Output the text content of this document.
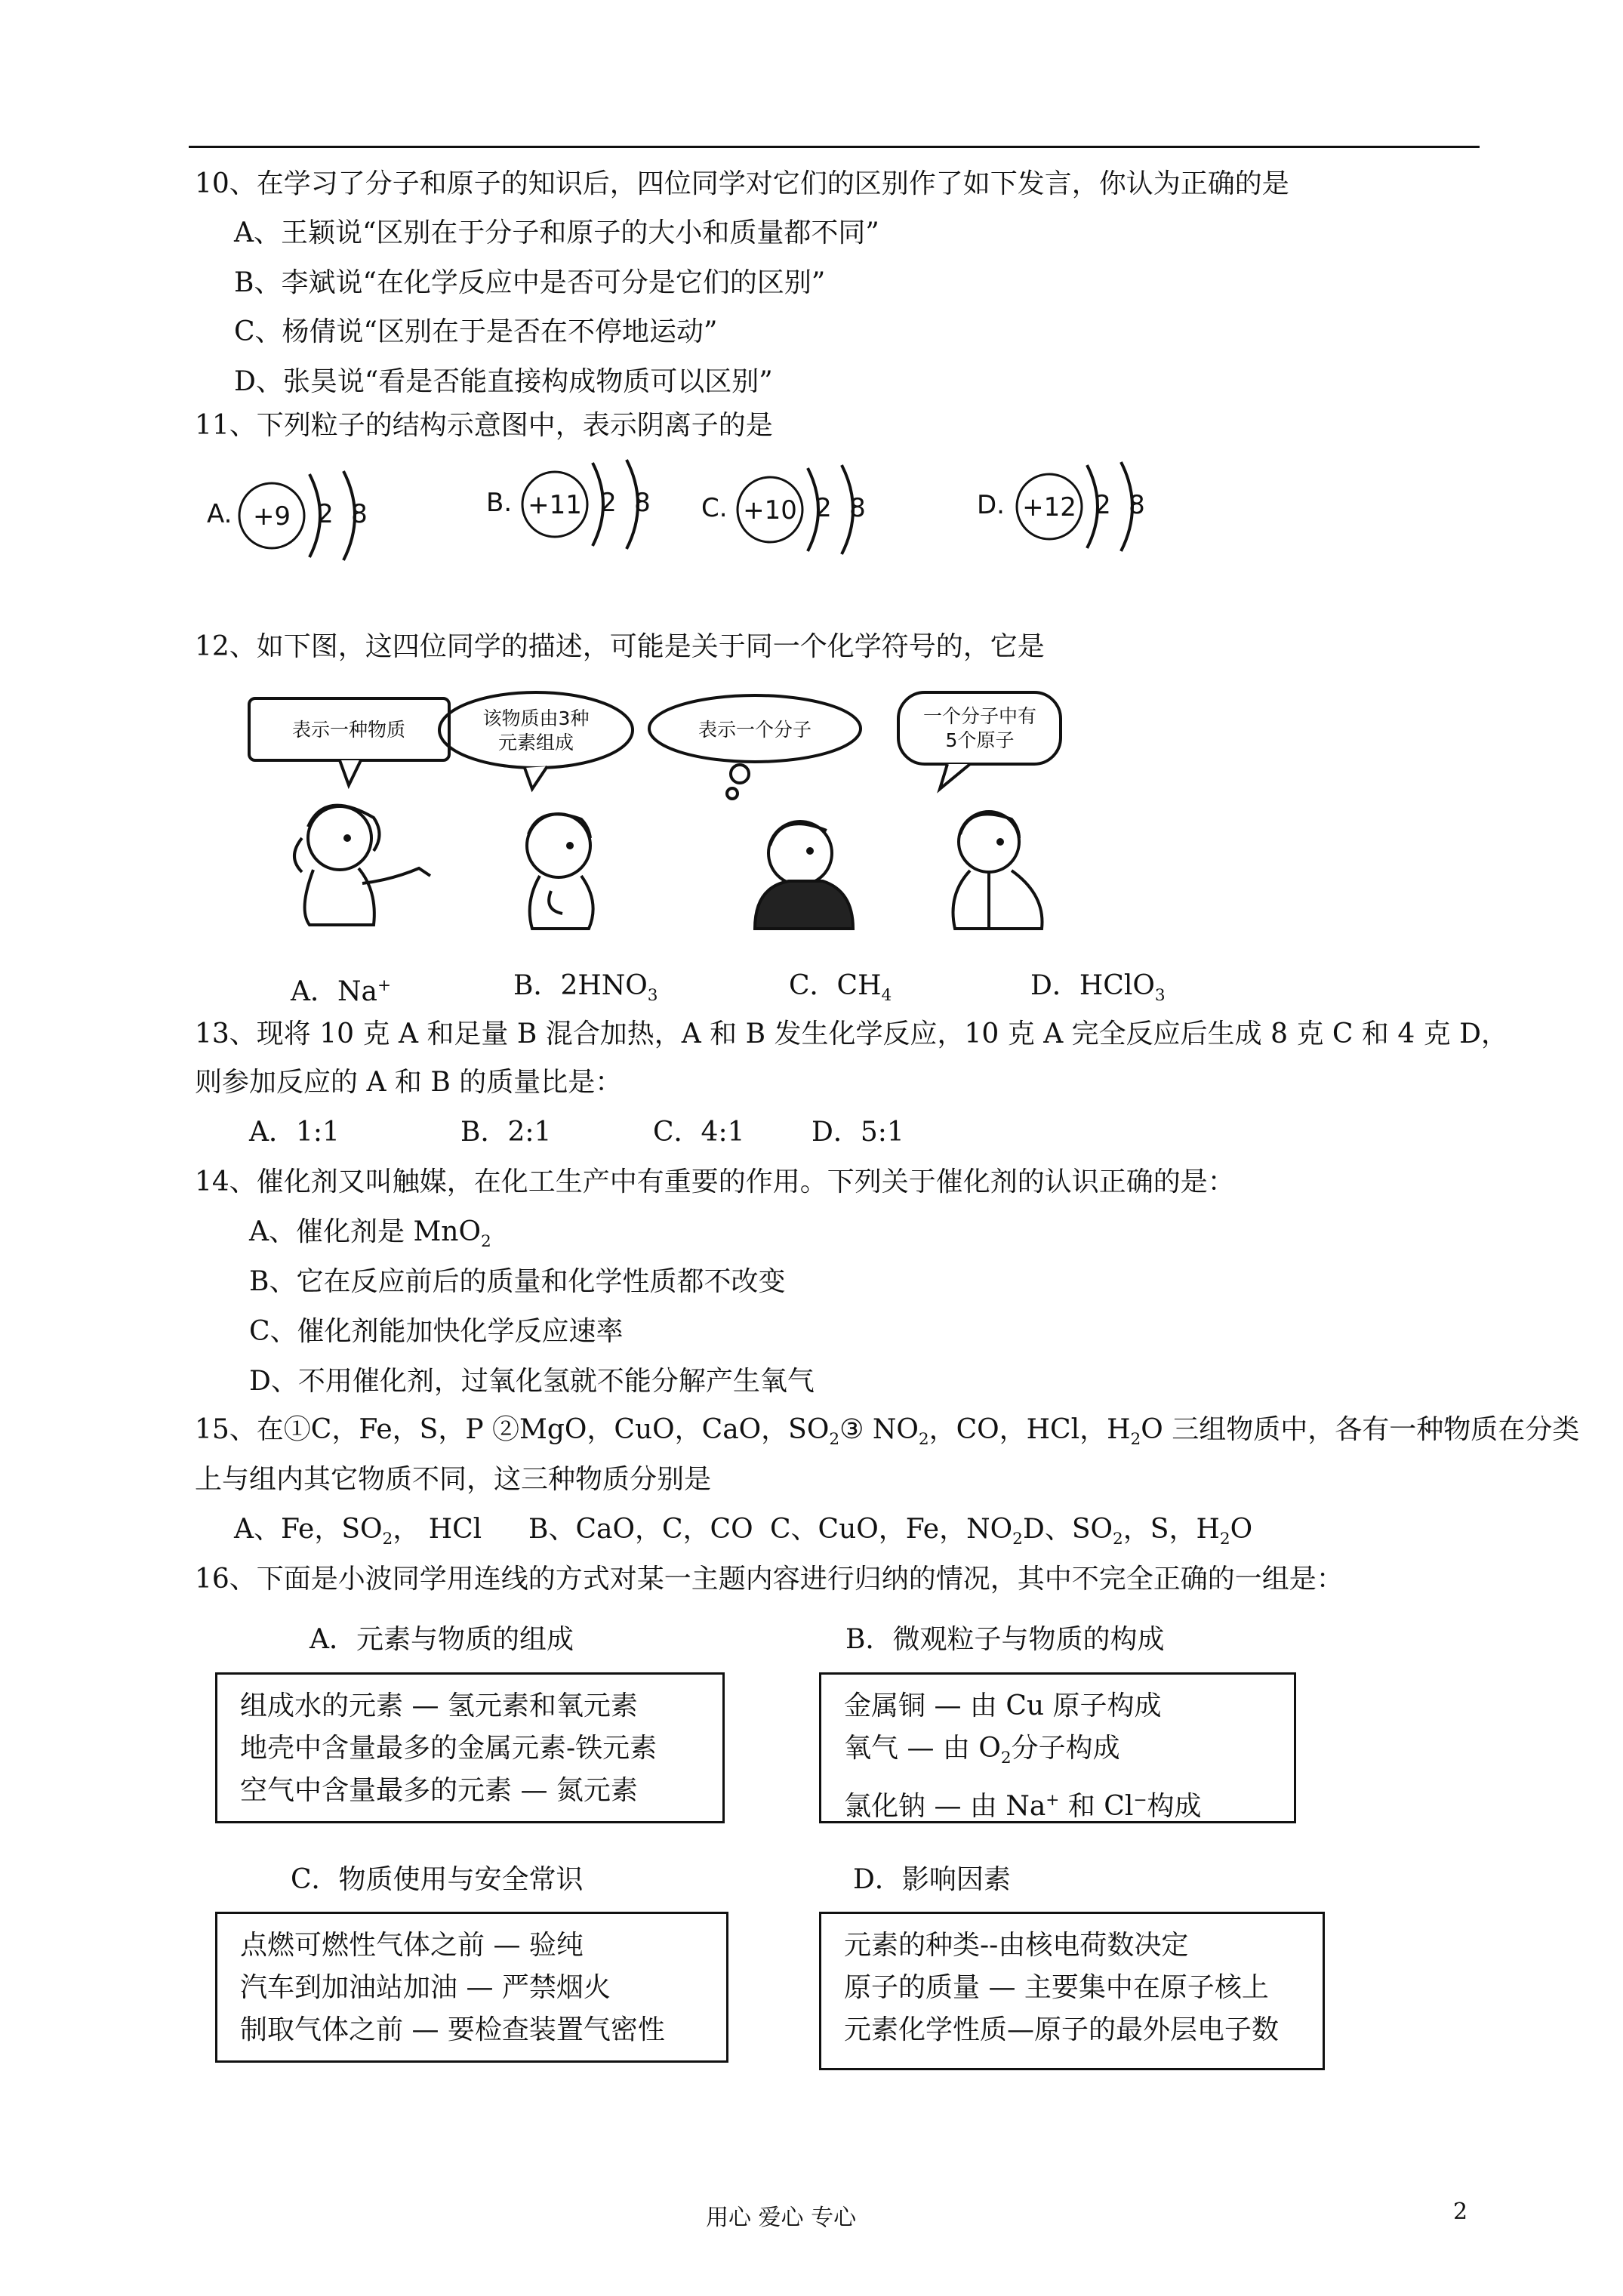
10、在学习了分子和原子的知识后，四位同学对它们的区别作了如下发言，你认为正确的是
A、王颖说“区别在于分子和原子的大小和质量都不同”
B、李斌说“在化学反应中是否可分是它们的区别”
C、杨倩说“区别在于是否在不停地运动”
D、张昊说“看是否能直接构成物质可以区别”
11、下列粒子的结构示意图中，表示阴离子的是
A. +9 2 8	B. +11 2 8 C. +10 2 8	D. +12 2 8
12、如下图，这四位同学的描述，可能是关于同一个化学符号的，它是
表示一种物质
该物质由3种
元素组成
表示一个分子
一个分子中有
5个原子
A．Na+	B．$2HNO_3$	C．$CH_4$	D．HClO$_3$
13、现将 10 克 A 和足量 B 混合加热，A 和 B 发生化学反应，10 克 A 完全反应后生成 8 克 C 和 4 克 D，
则参加反应的 A 和 B 的质量比是：
A．1:1	B．2:1	C．4:1 D．5:1
14、催化剂又叫触媒，在化工生产中有重要的作用。下列关于催化剂的认识正确的是：
A、催化剂是 MnO$_2$
B、它在反应前后的质量和化学性质都不改变
C、催化剂能加快化学反应速率
D、不用催化剂，过氧化氢就不能分解产生氧气
15、在①C，Fe，S，P ②MgO，CuO，CaO，$SO_2③$ $NO_2$，CO，HCl，$H_2O$ 三组物质中，各有一种物质在分类
上与组内其它物质不同，这三种物质分别是
A、Fe，$SO_2$， HCl B、CaO，C，CO C、CuO，Fe，$NO_2$ D、$SO_2$，S，$H_2O$
16、下面是小波同学用连线的方式对某一主题内容进行归纳的情况，其中不完全正确的一组是：
A．元素与物质的组成	B．微观粒子与物质的构成
组成水的元素 — 氢元素和氧元素
地壳中含量最多的金属元素-铁元素
空气中含量最多的元素 — 氮元素
金属铜 — 由 Cu 原子构成
氧气 — 由 $O_2$分子构成
氯化钠 — 由 Na+ 和 Cl−构成
C．物质使用与安全常识	D．影响因素
点燃可燃性气体之前 — 验纯
汽车到加油站加油 — 严禁烟火
制取气体之前 — 要检查装置气密性
元素的种类--由核电荷数决定
原子的质量 — 主要集中在原子核上
元素化学性质—原子的最外层电子数
用心 爱心 专心	2
